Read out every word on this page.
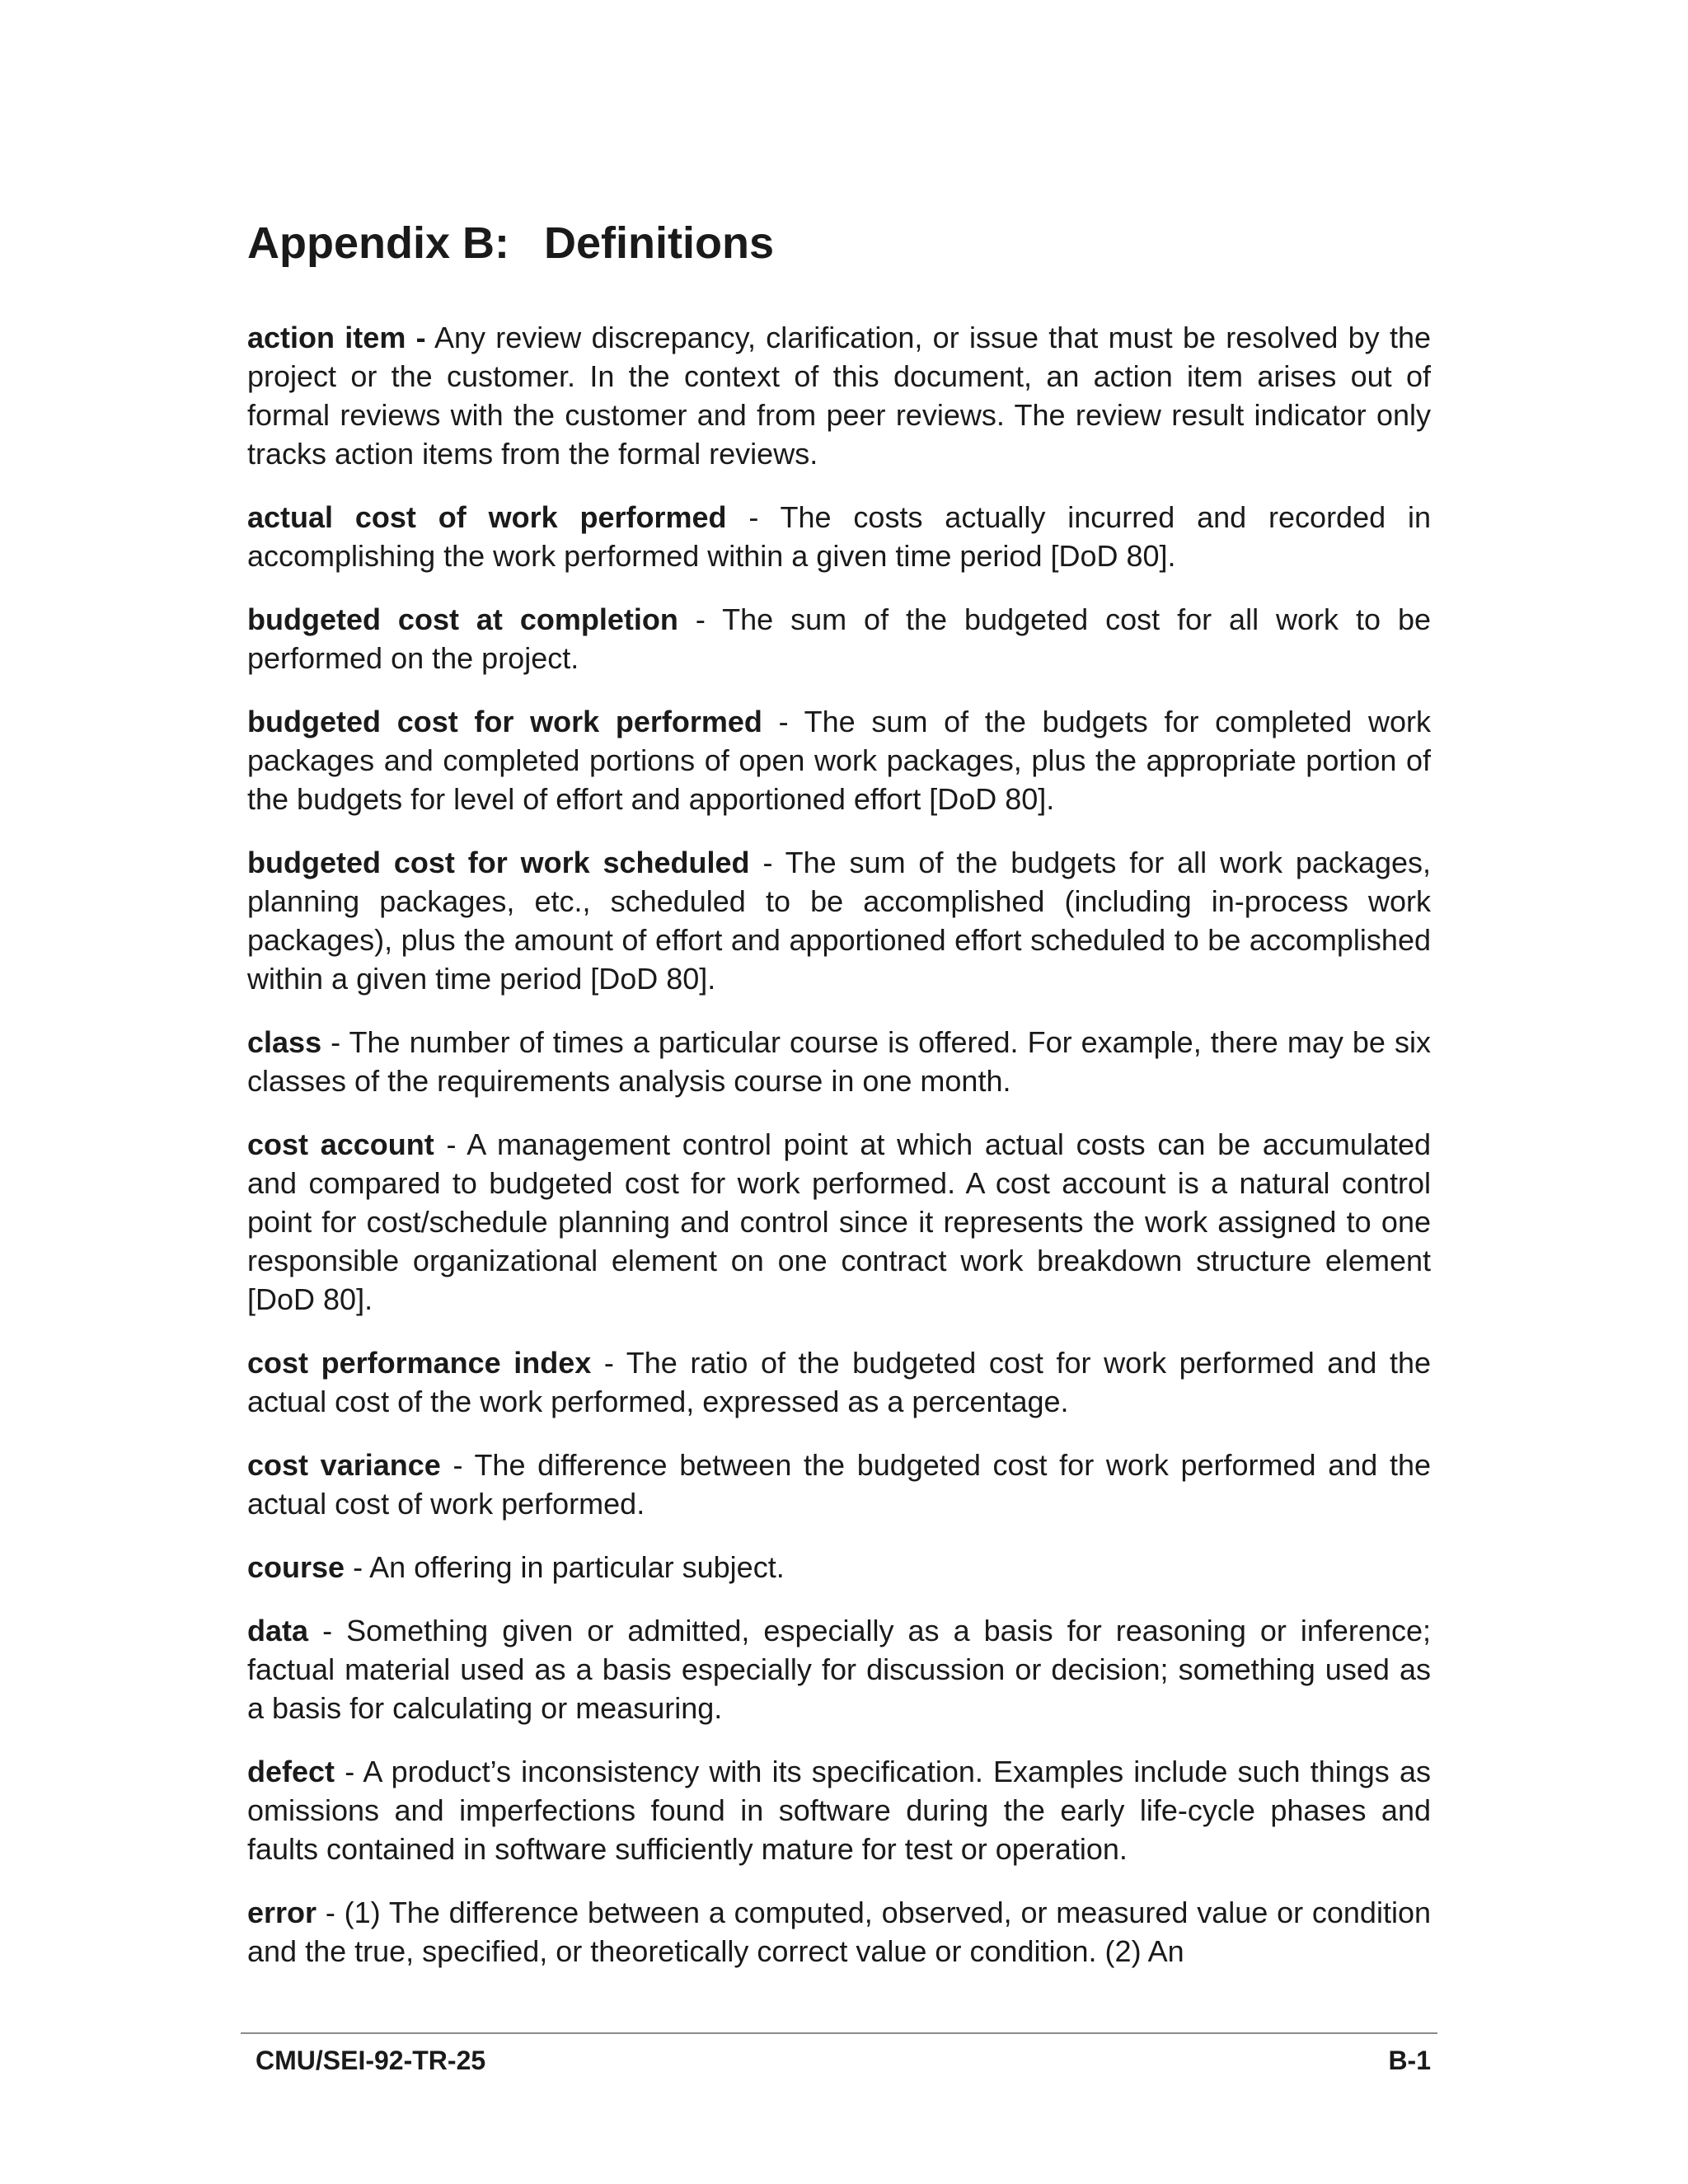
Appendix B: Definitions

action item - Any review discrepancy, clarification, or issue that must be resolved by the project or the customer. In the context of this document, an action item arises out of formal reviews with the customer and from peer reviews. The review result indicator only tracks action items from the formal reviews.

actual cost of work performed - The costs actually incurred and recorded in accomplishing the work performed within a given time period [DoD 80].

budgeted cost at completion - The sum of the budgeted cost for all work to be performed on the project.

budgeted cost for work performed - The sum of the budgets for completed work packages and completed portions of open work packages, plus the appropriate portion of the budgets for level of effort and apportioned effort [DoD 80].

budgeted cost for work scheduled - The sum of the budgets for all work packages, planning packages, etc., scheduled to be accomplished (including in-process work packages), plus the amount of effort and apportioned effort scheduled to be accomplished within a given time period [DoD 80].

class - The number of times a particular course is offered. For example, there may be six classes of the requirements analysis course in one month.

cost account - A management control point at which actual costs can be accumulated and compared to budgeted cost for work performed. A cost account is a natural control point for cost/schedule planning and control since it represents the work assigned to one responsible organizational element on one contract work breakdown structure element [DoD 80].

cost performance index - The ratio of the budgeted cost for work performed and the actual cost of the work performed, expressed as a percentage.

cost variance - The difference between the budgeted cost for work performed and the actual cost of work performed.

course - An offering in particular subject.

data - Something given or admitted, especially as a basis for reasoning or inference; factual material used as a basis especially for discussion or decision; something used as a basis for calculating or measuring.

defect - A product’s inconsistency with its specification. Examples include such things as omissions and imperfections found in software during the early life-cycle phases and faults contained in software sufficiently mature for test or operation.

error - (1) The difference between a computed, observed, or measured value or condition and the true, specified, or theoretically correct value or condition. (2) An

CMU/SEI-92-TR-25	B-1
